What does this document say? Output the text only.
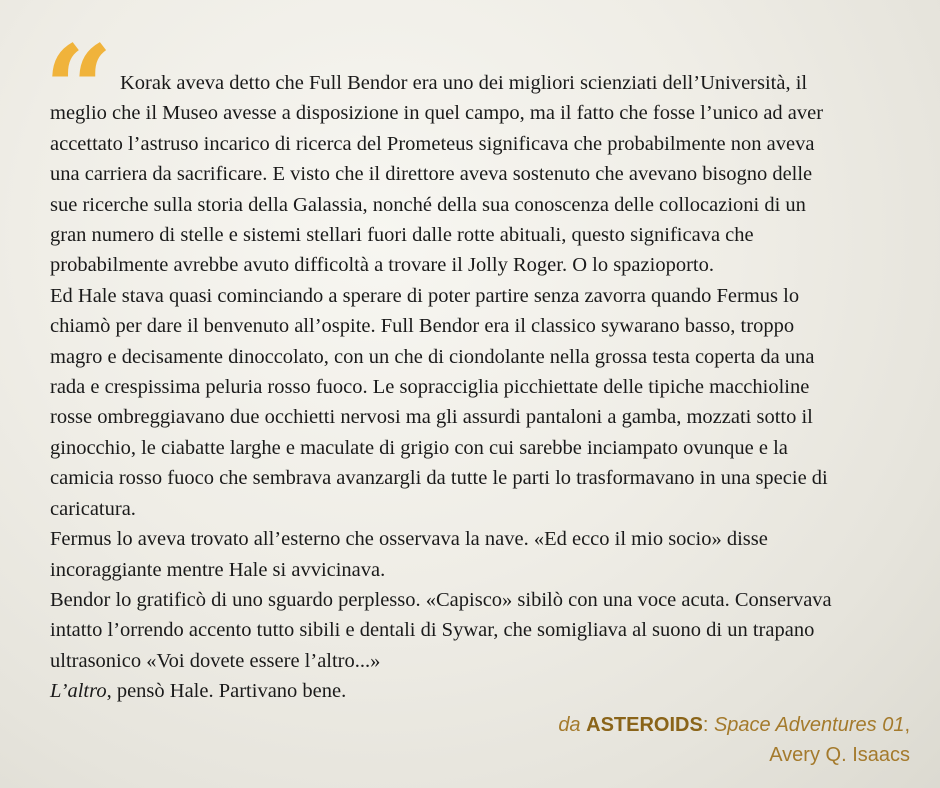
“ Korak aveva detto che Full Bendor era uno dei migliori scienziati dell’Università, il
meglio che il Museo avesse a disposizione in quel campo, ma il fatto che fosse l’unico ad aver
accettato l’astruso incarico di ricerca del Prometeus significava che probabilmente non aveva
una carriera da sacrificare. E visto che il direttore aveva sostenuto che avevano bisogno delle
sue ricerche sulla storia della Galassia, nonché della sua conoscenza delle collocazioni di un
gran numero di stelle e sistemi stellari fuori dalle rotte abituali, questo significava che
probabilmente avrebbe avuto difficoltà a trovare il Jolly Roger. O lo spazioporto.
Ed Hale stava quasi cominciando a sperare di poter partire senza zavorra quando Fermus lo
chiamò per dare il benvenuto all’ospite. Full Bendor era il classico sywarano basso, troppo
magro e decisamente dinoccolato, con un che di ciondolante nella grossa testa coperta da una
rada e crespissima peluria rosso fuoco. Le sopracciglia picchiettate delle tipiche macchioline
rosse ombreggiavano due occhietti nervosi ma gli assurdi pantaloni a gamba, mozzati sotto il
ginocchio, le ciabatte larghe e maculate di grigio con cui sarebbe inciampato ovunque e la
camicia rosso fuoco che sembrava avanzargli da tutte le parti lo trasformavano in una specie di
caricatura.
Fermus lo aveva trovato all’esterno che osservava la nave. «Ed ecco il mio socio» disse
incoraggiante mentre Hale si avvicinava.
Bendor lo gratificò di uno sguardo perplesso. «Capisco» sibilò con una voce acuta. Conservava
intatto l’orrendo accento tutto sibili e dentali di Sywar, che somigliava al suono di un trapano
ultrasonico «Voi dovete essere l’altro...»
L’altro, pensò Hale. Partivano bene.
da ASTEROIDS: Space Adventures 01,
Avery Q. Isaacs
